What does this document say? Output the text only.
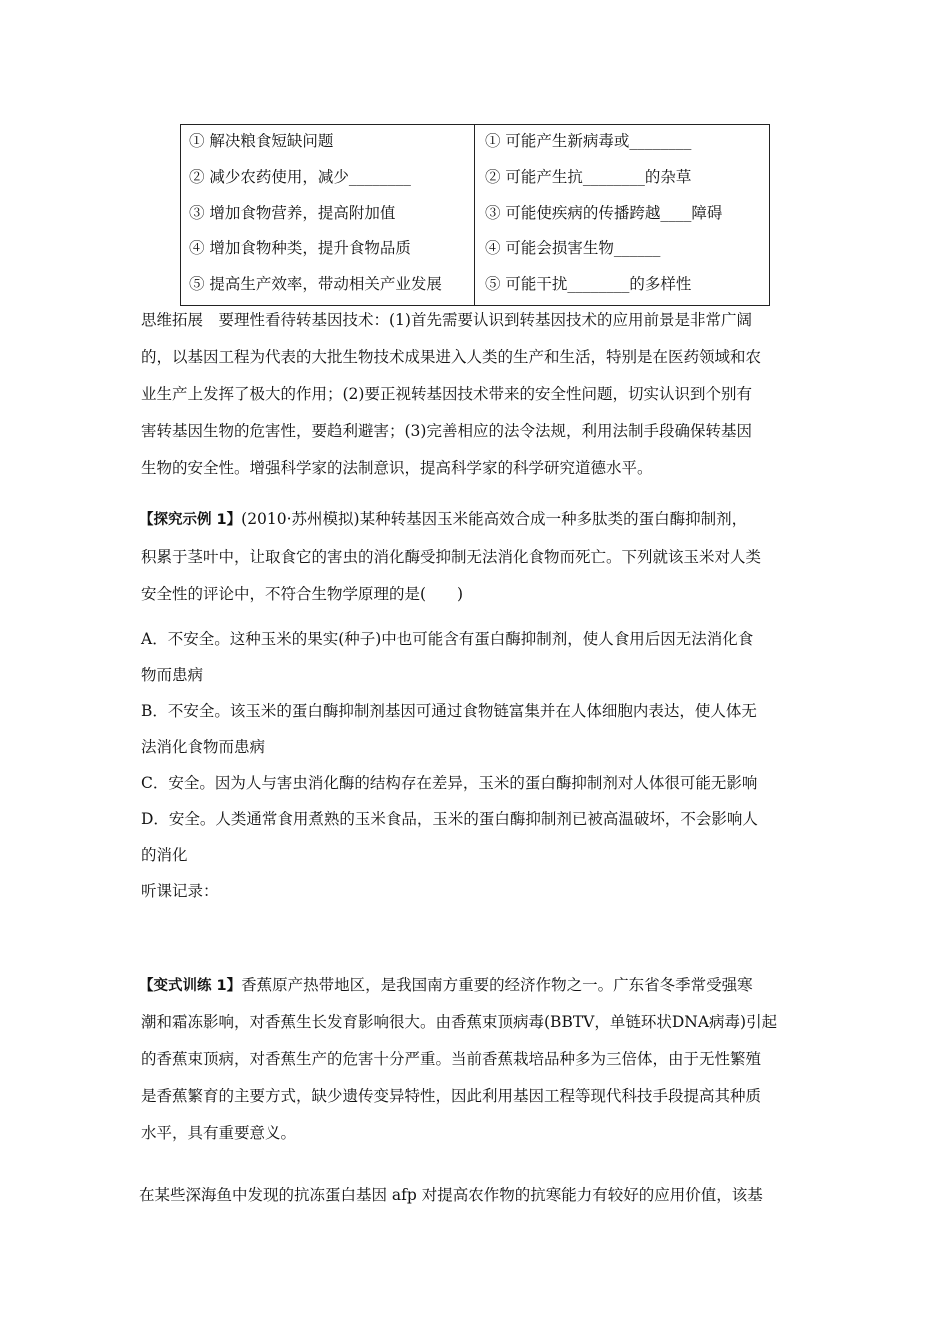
① 解决粮食短缺问题
② 减少农药使用，减少________
③ 增加食物营养，提高附加值
④ 增加食物种类，提升食物品质
⑤ 提高生产效率，带动相关产业发展
① 可能产生新病毒或________
② 可能产生抗________的杂草
③ 可能使疾病的传播跨越____障碍
④ 可能会损害生物______
⑤ 可能干扰________的多样性
思维拓展　要理性看待转基因技术：(1)首先需要认识到转基因技术的应用前景是非常广阔
的，以基因工程为代表的大批生物技术成果进入人类的生产和生活，特别是在医药领域和农
业生产上发挥了极大的作用；(2)要正视转基因技术带来的安全性问题，切实认识到个别有
害转基因生物的危害性，要趋利避害；(3)完善相应的法令法规，利用法制手段确保转基因
生物的安全性。增强科学家的法制意识，提高科学家的科学研究道德水平。
【探究示例 1】(2010·苏州模拟)某种转基因玉米能高效合成一种多肽类的蛋白酶抑制剂，
积累于茎叶中，让取食它的害虫的消化酶受抑制无法消化食物而死亡。下列就该玉米对人类
安全性的评论中，不符合生物学原理的是(　　)
A．不安全。这种玉米的果实(种子)中也可能含有蛋白酶抑制剂，使人食用后因无法消化食
物而患病
B．不安全。该玉米的蛋白酶抑制剂基因可通过食物链富集并在人体细胞内表达，使人体无
法消化食物而患病
C．安全。因为人与害虫消化酶的结构存在差异，玉米的蛋白酶抑制剂对人体很可能无影响
D．安全。人类通常食用煮熟的玉米食品，玉米的蛋白酶抑制剂已被高温破坏，不会影响人
的消化
听课记录：
【变式训练 1】香蕉原产热带地区，是我国南方重要的经济作物之一。广东省冬季常受强寒
潮和霜冻影响，对香蕉生长发育影响很大。由香蕉束顶病毒(BBTV，单链环状DNA病毒)引起
的香蕉束顶病，对香蕉生产的危害十分严重。当前香蕉栽培品种多为三倍体，由于无性繁殖
是香蕉繁育的主要方式，缺少遗传变异特性，因此利用基因工程等现代科技手段提高其种质
水平，具有重要意义。
在某些深海鱼中发现的抗冻蛋白基因 afp 对提高农作物的抗寒能力有较好的应用价值，该基
